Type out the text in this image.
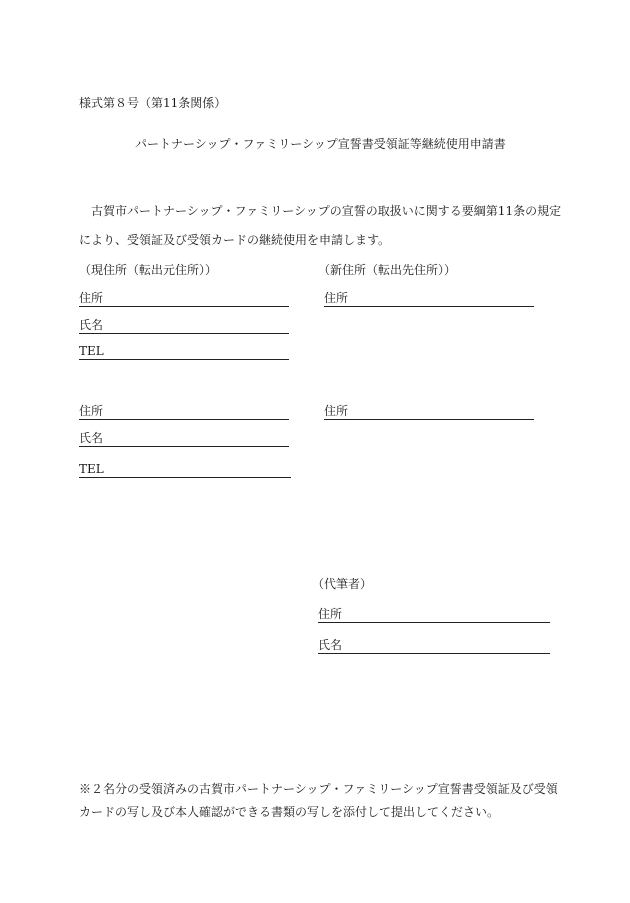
様式第８号（第11条関係）
パートナーシップ・ファミリーシップ宣誓書受領証等継続使用申請書
古賀市パートナーシップ・ファミリーシップの宣誓の取扱いに関する要綱第11条の規定
により、受領証及び受領カードの継続使用を申請します。
（現住所（転出元住所））	（新住所（転出先住所））
住所
氏名
TEL
住所
住所
氏名
TEL
住所
（代筆者）
住所
氏名
※２名分の受領済みの古賀市パートナーシップ・ファミリーシップ宣誓書受領証及び受領
カードの写し及び本人確認ができる書類の写しを添付して提出してください。
